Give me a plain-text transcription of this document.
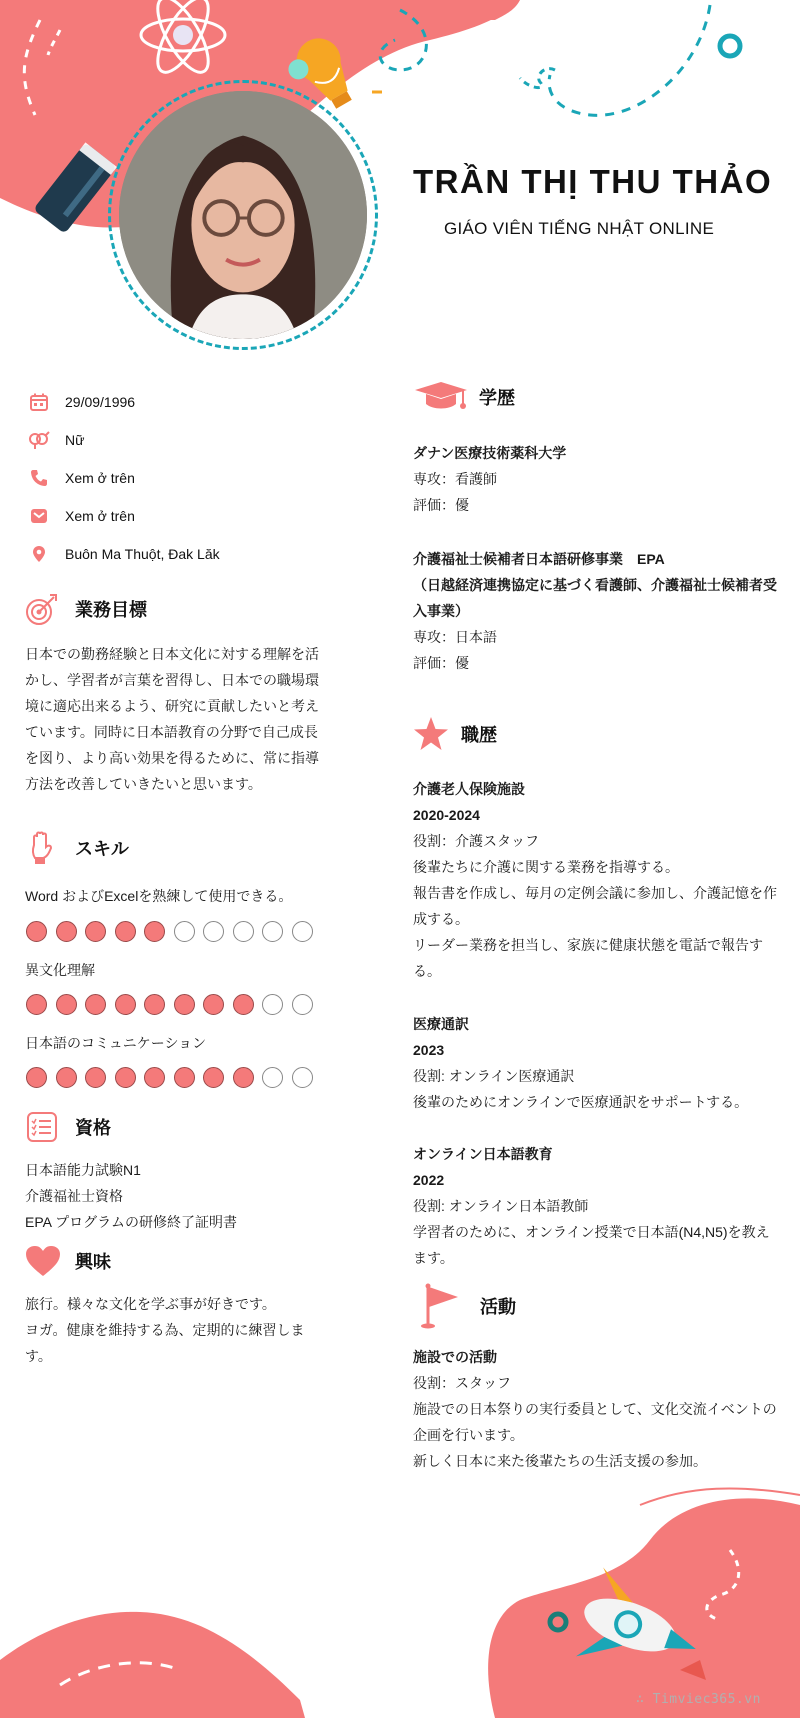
TRẦN THỊ THU THẢO
GIÁO VIÊN TIẾNG NHẬT ONLINE
29/09/1996
Nữ
Xem ở trên
Xem ở trên
Buôn Ma Thuột, Đak Lăk
業務目標

日本での勤務経験と日本文化に対する理解を活かし、学習者が言葉を習得し、日本での職場環境に適応出来るよう、研究に貢献したいと考えています。同時に日本語教育の分野で自己成長を図り、より高い効果を得るために、常に指導方法を改善していきたいと思います。

スキル
Word およびExcelを熟練して使用できる。
異文化理解
日本語のコミュニケーション
資格
日本語能力試験N1
介護福祉士資格
EPA プログラムの研修終了証明書
興味
旅行。様々な文化を学ぶ事が好きです。
ヨガ。健康を維持する為、定期的に練習します。
学歴
ダナン医療技術薬科大学
専攻：看護師
評価：優
介護福祉士候補者日本語研修事業　EPA
（日越経済連携協定に基づく看護師、介護福祉士候補者受入事業）
専攻：日本語
評価：優
職歴
介護老人保険施設
2020-2024
役割：介護スタッフ
後輩たちに介護に関する業務を指導する。
報告書を作成し、毎月の定例会議に参加し、介護記憶を作成する。
リーダー業務を担当し、家族に健康状態を電話で報告する。
医療通訳
2023
役割: オンライン医療通訳
後輩のためにオンラインで医療通訳をサポートする。
オンライン日本語教育
2022
役割: オンライン日本語教師
学習者のために、オンライン授業で日本語(N4,N5)を教えます。
活動
施設での活動
役割：スタッフ
施設での日本祭りの実行委員として、文化交流イベントの企画を行います。
新しく日本に来た後輩たちの生活支援の参加。
∴ Timviec365.vn
